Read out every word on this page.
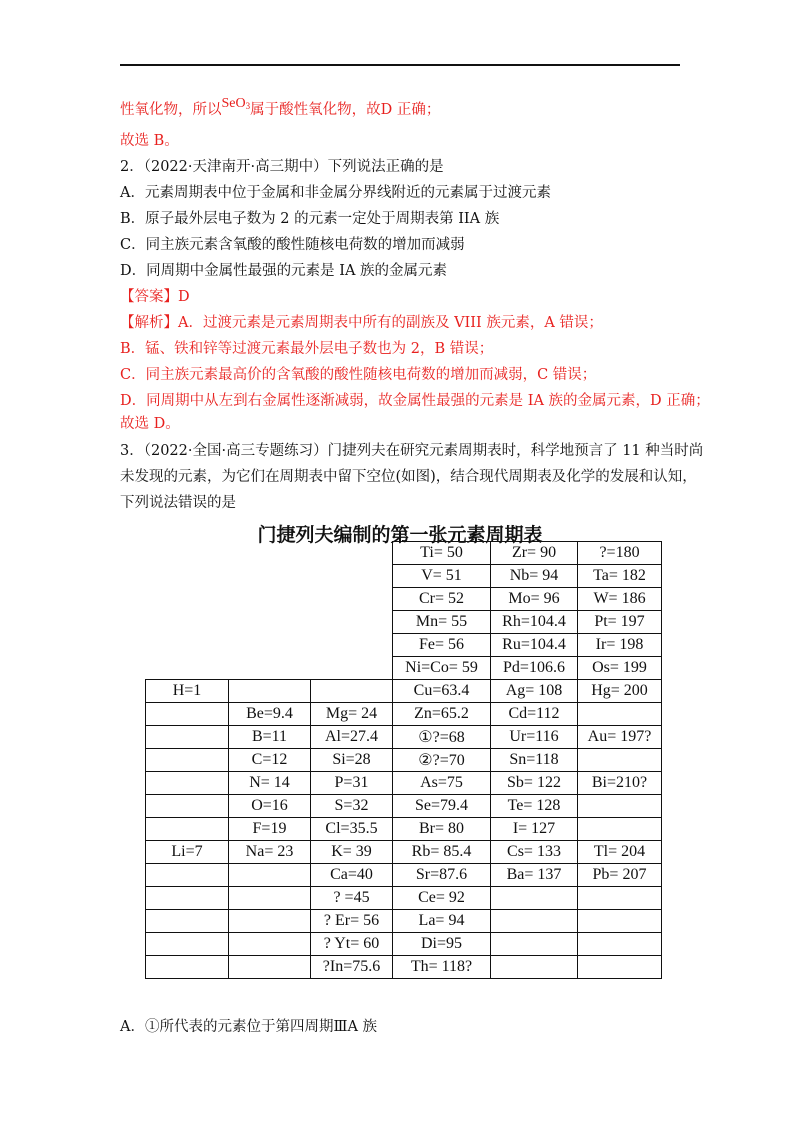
性氧化物，所以SeO$_3$属于酸性氧化物，故D 正确；
故选 B。
2．（2022·天津南开·高三期中）下列说法正确的是
A．元素周期表中位于金属和非金属分界线附近的元素属于过渡元素
B．原子最外层电子数为 2 的元素一定处于周期表第 IIA 族
C．同主族元素含氧酸的酸性随核电荷数的增加而减弱
D．同周期中金属性最强的元素是 IA 族的金属元素
【答案】D
【解析】A．过渡元素是元素周期表中所有的副族及 VIII 族元素，A 错误；
B．锰、铁和锌等过渡元素最外层电子数也为 2，B 错误；
C．同主族元素最高价的含氧酸的酸性随核电荷数的增加而减弱，C 错误；
D．同周期中从左到右金属性逐渐减弱，故金属性最强的元素是 IA 族的金属元素，D 正确；
故选 D。
3．（2022·全国·高三专题练习）门捷列夫在研究元素周期表时，科学地预言了 11 种当时尚
未发现的元素，为它们在周期表中留下空位(如图)，结合现代周期表及化学的发展和认知，
下列说法错误的是
门捷列夫编制的第一张元素周期表
			Ti= 50	Zr= 90	?=180
			V= 51	Nb= 94	Ta= 182
			Cr= 52	Mo= 96	W= 186
			Mn= 55	Rh=104.4	Pt= 197
			Fe= 56	Ru=104.4	Ir= 198
			Ni=Co= 59	Pd=106.6	Os= 199
H=1			Cu=63.4	Ag= 108	Hg= 200
	Be=9.4	Mg= 24	Zn=65.2	Cd=112	
	B=11	Al=27.4	①?=68	Ur=116	Au= 197?
	C=12	Si=28	②?=70	Sn=118	
	N= 14	P=31	As=75	Sb= 122	Bi=210?
	O=16	S=32	Se=79.4	Te= 128	
	F=19	Cl=35.5	Br= 80	I= 127	
Li=7	Na= 23	K= 39	Rb= 85.4	Cs= 133	Tl= 204
		Ca=40	Sr=87.6	Ba= 137	Pb= 207
		? =45	Ce= 92		
		? Er= 56	La= 94		
		? Yt= 60	Di=95		
		?In=75.6	Th= 118?		
A．①所代表的元素位于第四周期ⅢA 族
